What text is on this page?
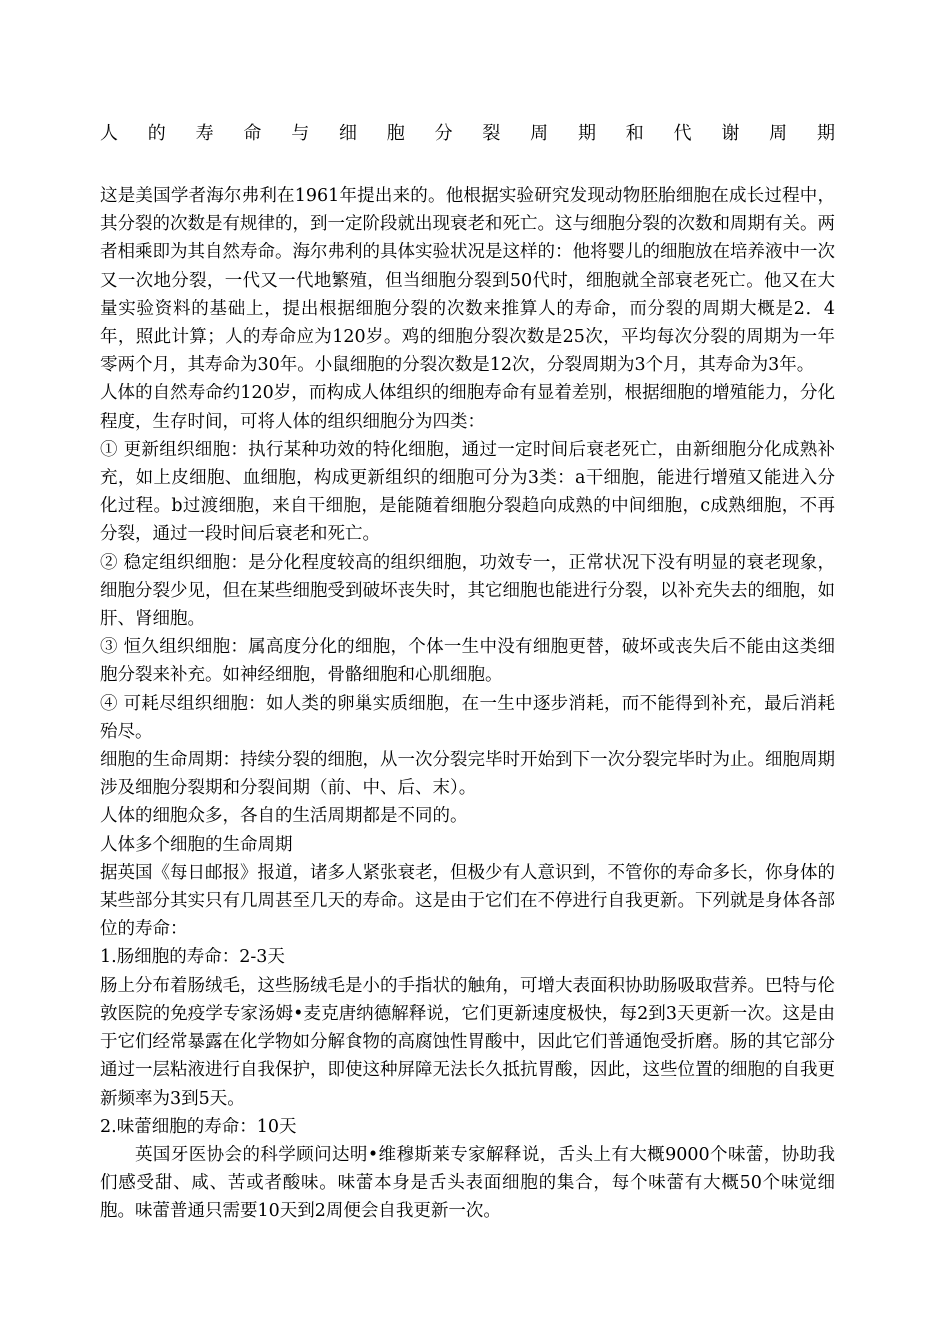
人 的 寿 命 与 细 胞 分 裂 周 期 和 代 谢 周 期

这是美国学者海尔弗利在1961年提出来的。他根据实验研究发现动物胚胎细胞在成长过程中，其分裂的次数是有规律的，到一定阶段就出现衰老和死亡。这与细胞分裂的次数和周期有关。两者相乘即为其自然寿命。海尔弗利的具体实验状况是这样的：他将婴儿的细胞放在培养液中一次又一次地分裂，一代又一代地繁殖，但当细胞分裂到50代时，细胞就全部衰老死亡。他又在大量实验资料的基础上，提出根据细胞分裂的次数来推算人的寿命，而分裂的周期大概是2．4年，照此计算；人的寿命应为120岁。鸡的细胞分裂次数是25次，平均每次分裂的周期为一年零两个月，其寿命为30年。小鼠细胞的分裂次数是12次，分裂周期为3个月，其寿命为3年。

人体的自然寿命约120岁，而构成人体组织的细胞寿命有显着差别，根据细胞的增殖能力，分化程度，生存时间，可将人体的组织细胞分为四类：

① 更新组织细胞：执行某种功效的特化细胞，通过一定时间后衰老死亡，由新细胞分化成熟补充，如上皮细胞、血细胞，构成更新组织的细胞可分为3类：a干细胞，能进行增殖又能进入分化过程。b过渡细胞，来自干细胞，是能随着细胞分裂趋向成熟的中间细胞，c成熟细胞，不再分裂，通过一段时间后衰老和死亡。

② 稳定组织细胞：是分化程度较高的组织细胞，功效专一，正常状况下没有明显的衰老现象，细胞分裂少见，但在某些细胞受到破坏丧失时，其它细胞也能进行分裂，以补充失去的细胞，如肝、肾细胞。

③ 恒久组织细胞：属高度分化的细胞，个体一生中没有细胞更替，破坏或丧失后不能由这类细胞分裂来补充。如神经细胞，骨骼细胞和心肌细胞。

④ 可耗尽组织细胞：如人类的卵巢实质细胞，在一生中逐步消耗，而不能得到补充，最后消耗殆尽。

细胞的生命周期：持续分裂的细胞，从一次分裂完毕时开始到下一次分裂完毕时为止。细胞周期涉及细胞分裂期和分裂间期（前、中、后、末）。

人体的细胞众多，各自的生活周期都是不同的。

人体多个细胞的生命周期

据英国《每日邮报》报道，诸多人紧张衰老，但极少有人意识到，不管你的寿命多长，你身体的某些部分其实只有几周甚至几天的寿命。这是由于它们在不停进行自我更新。下列就是身体各部位的寿命：

1.肠细胞的寿命：2-3天

肠上分布着肠绒毛，这些肠绒毛是小的手指状的触角，可增大表面积协助肠吸取营养。巴特与伦敦医院的免疫学专家汤姆•麦克唐纳德解释说，它们更新速度极快，每2到3天更新一次。这是由于它们经常暴露在化学物如分解食物的高腐蚀性胃酸中，因此它们普通饱受折磨。肠的其它部分通过一层粘液进行自我保护，即使这种屏障无法长久抵抗胃酸，因此，这些位置的细胞的自我更新频率为3到5天。

2.味蕾细胞的寿命：10天

英国牙医协会的科学顾问达明•维穆斯莱专家解释说，舌头上有大概9000个味蕾，协助我们感受甜、咸、苦或者酸味。味蕾本身是舌头表面细胞的集合，每个味蕾有大概50个味觉细胞。味蕾普通只需要10天到2周便会自我更新一次。
